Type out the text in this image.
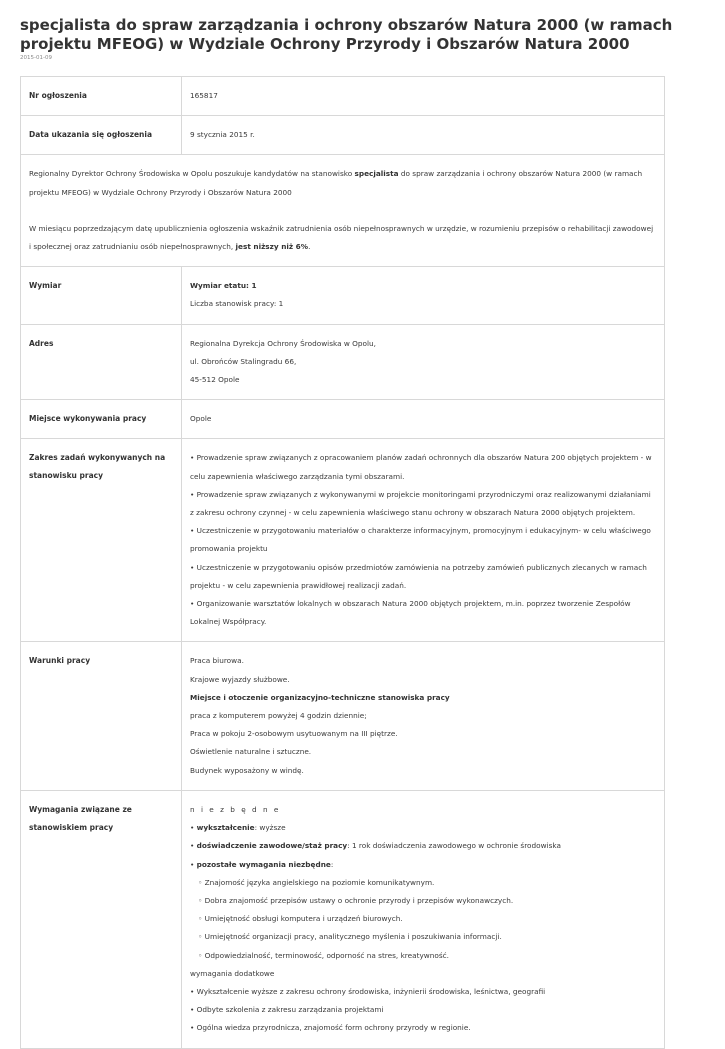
specjalista do spraw zarządzania i ochrony obszarów Natura 2000 (w ramach projektu MFEOG) w Wydziale Ochrony Przyrody i Obszarów Natura 2000
2015-01-09
Nr ogłoszenia	165817
Data ukazania się ogłoszenia	9 stycznia 2015 r.

Regionalny Dyrektor Ochrony Środowiska w Opolu poszukuje kandydatów na stanowisko specjalista do spraw zarządzania i ochrony obszarów Natura 2000 (w ramach projektu MFEOG) w Wydziale Ochrony Przyrody i Obszarów Natura 2000

W miesiącu poprzedzającym datę upublicznienia ogłoszenia wskaźnik zatrudnienia osób niepełnosprawnych w urzędzie, w rozumieniu przepisów o rehabilitacji zawodowej i społecznej oraz zatrudnianiu osób niepełnosprawnych, jest niższy niż 6%.

Wymiar	Wymiar etatu: 1

Liczba stanowisk pracy: 1

Adres	Regionalna Dyrekcja Ochrony Środowiska w Opolu,

ul. Obrońców Stalingradu 66,

45-512 Opole

Miejsce wykonywania pracy	Opole
Zakres zadań wykonywanych na stanowisku pracy

• Prowadzenie spraw związanych z opracowaniem planów zadań ochronnych dla obszarów Natura 200 objętych projektem - w celu zapewnienia właściwego zarządzania tymi obszarami.

• Prowadzenie spraw związanych z wykonywanymi w projekcie monitoringami przyrodniczymi oraz realizowanymi działaniami z zakresu ochrony czynnej - w celu zapewnienia właściwego stanu ochrony w obszarach Natura 2000 objętych projektem.

• Uczestniczenie w przygotowaniu materiałów o charakterze informacyjnym, promocyjnym i edukacyjnym- w celu właściwego promowania projektu

• Uczestniczenie w przygotowaniu opisów przedmiotów zamówienia na potrzeby zamówień publicznych zlecanych w ramach projektu - w celu zapewnienia prawidłowej realizacji zadań.

• Organizowanie warsztatów lokalnych w obszarach Natura 2000 objętych projektem, m.in. poprzez tworzenie Zespołów Lokalnej Współpracy.

Warunki pracy	Praca biurowa.

Krajowe wyjazdy służbowe.

Miejsce i otoczenie organizacyjno-techniczne stanowiska pracy

praca z komputerem powyżej 4 godzin dziennie;

Praca w pokoju 2-osobowym usytuowanym na III piętrze.

Oświetlenie naturalne i sztuczne.

Budynek wyposażony w windę.

Wymagania związane ze stanowiskiem pracy

n i e z b ę d n e

• wykształcenie: wyższe

• doświadczenie zawodowe/staż pracy: 1 rok doświadczenia zawodowego w ochronie środowiska

• pozostałe wymagania niezbędne:

◦ Znajomość języka angielskiego na poziomie komunikatywnym.

◦ Dobra znajomość przepisów ustawy o ochronie przyrody i przepisów wykonawczych.

◦ Umiejętność obsługi komputera i urządzeń biurowych.

◦ Umiejętność organizacji pracy, analitycznego myślenia i poszukiwania informacji.

◦ Odpowiedzialność, terminowość, odporność na stres, kreatywność.

wymagania dodatkowe

• Wykształcenie wyższe z zakresu ochrony środowiska, inżynierii środowiska, leśnictwa, geografii

• Odbyte szkolenia z zakresu zarządzania projektami

• Ogólna wiedza przyrodnicza, znajomość form ochrony przyrody w regionie.
